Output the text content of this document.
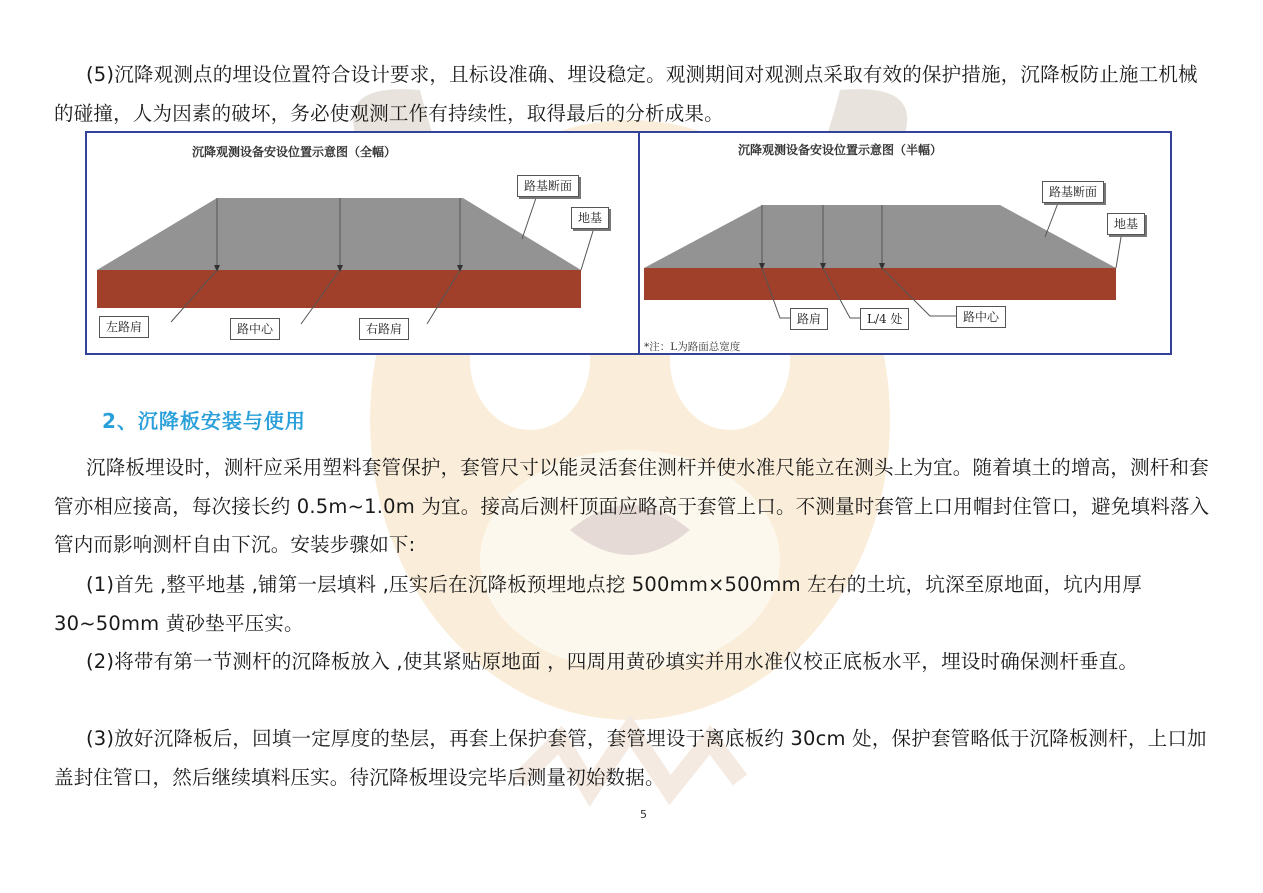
(5)沉降观测点的埋设位置符合设计要求，且标设准确、埋设稳定。观测期间对观测点采取有效的保护措施，沉降板防止施工机械的碰撞，人为因素的破坏，务必使观测工作有持续性，取得最后的分析成果。
沉降观测设备安设位置示意图（全幅）
路基断面
地基
左路肩	路中心	右路肩
沉降观测设备安设位置示意图（半幅）
路基断面
地基
路肩	L/4 处	路中心
*注：L为路面总宽度
2、沉降板安装与使用
沉降板埋设时，测杆应采用塑料套管保护，套管尺寸以能灵活套住测杆并使水准尺能立在测头上为宜。随着填土的增高，测杆和套管亦相应接高，每次接长约 0.5m~1.0m 为宜。接高后测杆顶面应略高于套管上口。不测量时套管上口用帽封住管口，避免填料落入管内而影响测杆自由下沉。安装步骤如下:
(1)首先 ,整平地基 ,铺第一层填料 ,压实后在沉降板预埋地点挖 500mm×500mm 左右的土坑，坑深至原地面，坑内用厚 30~50mm 黄砂垫平压实。
(2)将带有第一节测杆的沉降板放入 ,使其紧贴原地面 ，四周用黄砂填实并用水准仪校正底板水平，埋设时确保测杆垂直。
(3)放好沉降板后，回填一定厚度的垫层，再套上保护套管，套管埋设于离底板约 30cm 处，保护套管略低于沉降板测杆，上口加盖封住管口，然后继续填料压实。待沉降板埋设完毕后测量初始数据。
5
